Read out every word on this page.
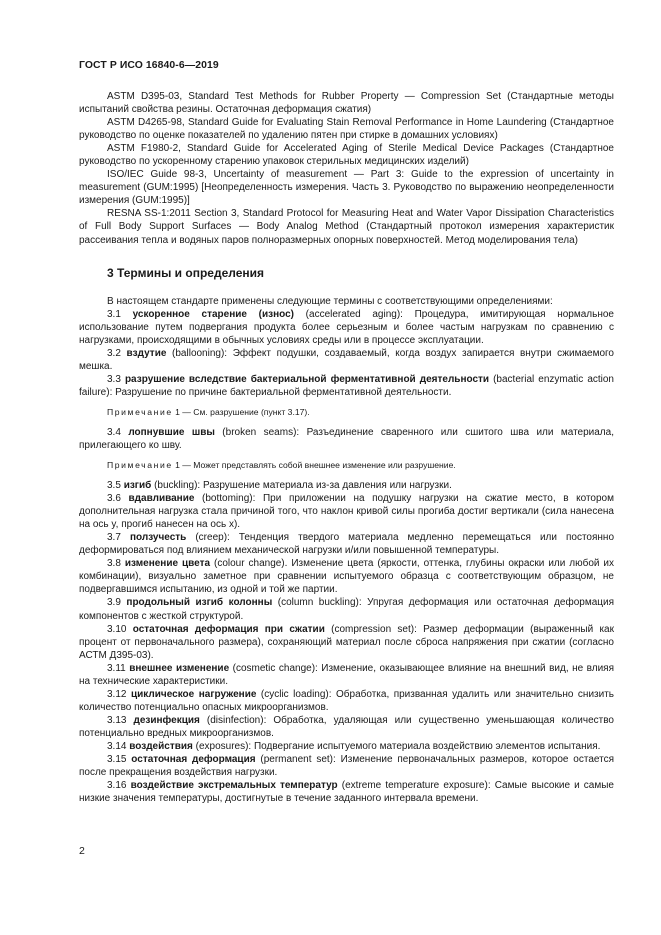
ГОСТ Р ИСО 16840-6—2019

ASTM D395-03, Standard Test Methods for Rubber Property — Compression Set (Стандартные методы испытаний свойства резины. Остаточная деформация сжатия)

ASTM D4265-98, Standard Guide for Evaluating Stain Removal Performance in Home Laundering (Стандартное руководство по оценке показателей по удалению пятен при стирке в домашних условиях)

ASTM F1980-2, Standard Guide for Accelerated Aging of Sterile Medical Device Packages (Стандартное руководство по ускоренному старению упаковок стерильных медицинских изделий)

ISO/IEC Guide 98-3, Uncertainty of measurement — Part 3: Guide to the expression of uncertainty in measurement (GUM:1995) [Неопределенность измерения. Часть 3. Руководство по выражению неопределенности измерения (GUM:1995)]

RESNA SS-1:2011 Section 3, Standard Protocol for Measuring Heat and Water Vapor Dissipation Characteristics of Full Body Support Surfaces — Body Analog Method (Стандартный протокол измерения характеристик рассеивания тепла и водяных паров полноразмерных опорных поверхностей. Метод моделирования тела)

3 Термины и определения

В настоящем стандарте применены следующие термины с соответствующими определениями:

3.1 ускоренное старение (износ) (accelerated aging): Процедура, имитирующая нормальное использование путем подвергания продукта более серьезным и более частым нагрузкам по сравнению с нагрузками, происходящими в обычных условиях среды или в процессе эксплуатации.

3.2 вздутие (ballooning): Эффект подушки, создаваемый, когда воздух запирается внутри сжимаемого мешка.

3.3 разрушение вследствие бактериальной ферментативной деятельности (bacterial enzymatic action failure): Разрушение по причине бактериальной ферментативной деятельности.

Примечание 1 — См. разрушение (пункт 3.17).

3.4 лопнувшие швы (broken seams): Разъединение сваренного или сшитого шва или материала, прилегающего ко шву.

Примечание 1 — Может представлять собой внешнее изменение или разрушение.

3.5 изгиб (buckling): Разрушение материала из-за давления или нагрузки.

3.6 вдавливание (bottoming): При приложении на подушку нагрузки на сжатие место, в котором дополнительная нагрузка стала причиной того, что наклон кривой силы прогиба достиг вертикали (сила нанесена на ось y, прогиб нанесен на ось x).

3.7 ползучесть (creep): Тенденция твердого материала медленно перемещаться или постоянно деформироваться под влиянием механической нагрузки и/или повышенной температуры.

3.8 изменение цвета (colour change). Изменение цвета (яркости, оттенка, глубины окраски или любой их комбинации), визуально заметное при сравнении испытуемого образца с соответствующим образцом, не подвергавшимся испытанию, из одной и той же партии.

3.9 продольный изгиб колонны (column buckling): Упругая деформация или остаточная деформация компонентов с жесткой структурой.

3.10 остаточная деформация при сжатии (compression set): Размер деформации (выраженный как процент от первоначального размера), сохраняющий материал после сброса напряжения при сжатии (согласно АСТМ Д395-03).

3.11 внешнее изменение (cosmetic change): Изменение, оказывающее влияние на внешний вид, не влияя на технические характеристики.

3.12 циклическое нагружение (cyclic loading): Обработка, призванная удалить или значительно снизить количество потенциально опасных микроорганизмов.

3.13 дезинфекция (disinfection): Обработка, удаляющая или существенно уменьшающая количество потенциально вредных микроорганизмов.

3.14 воздействия (exposures): Подвергание испытуемого материала воздействию элементов испытания.

3.15 остаточная деформация (permanent set): Изменение первоначальных размеров, которое остается после прекращения воздействия нагрузки.

3.16 воздействие экстремальных температур (extreme temperature exposure): Самые высокие и самые низкие значения температуры, достигнутые в течение заданного интервала времени.

2
